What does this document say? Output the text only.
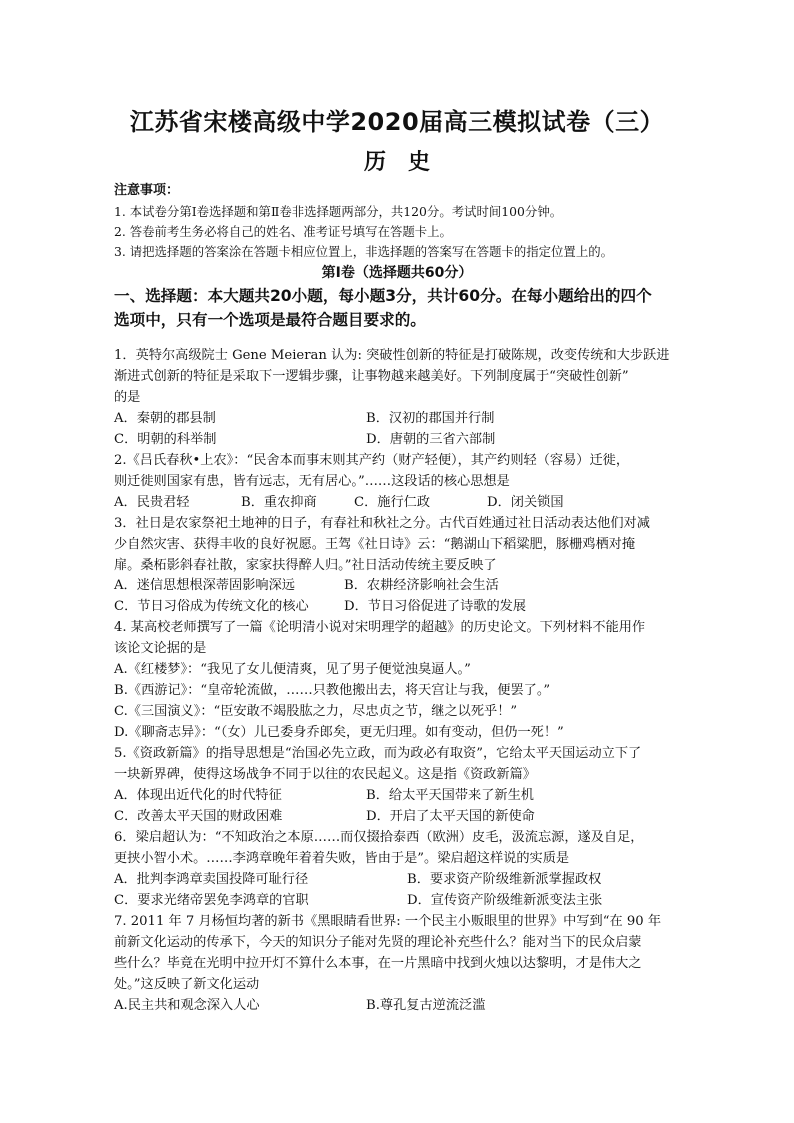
江苏省宋楼高级中学2020届高三模拟试卷（三）
历史
注意事项：
1. 本试卷分第Ⅰ卷选择题和第Ⅱ卷非选择题两部分，共120分。考试时间100分钟。
2. 答卷前考生务必将自己的姓名、准考证号填写在答题卡上。
3. 请把选择题的答案涂在答题卡相应位置上，非选择题的答案写在答题卡的指定位置上的。
第Ⅰ卷（选择题共60分）
一、选择题：本大题共20小题，每小题3分，共计60分。在每小题给出的四个
选项中，只有一个选项是最符合题目要求的。
1．英特尔高级院士 Gene Meieran 认为: 突破性创新的特征是打破陈规，改变传统和大步跃进
渐进式创新的特征是采取下一逻辑步骤，让事物越来越美好。下列制度属于“突破性创新”
的是
A．秦朝的郡县制	B．汉初的郡国并行制
C．明朝的科举制	D．唐朝的三省六部制
2.《吕氏春秋•上农》：“民舍本而事末则其产约（财产轻便），其产约则轻（容易）迁徙，
则迁徙则国家有患，皆有远志，无有居心。”……这段话的核心思想是
A．民贵君轻	B．重农抑商	C．施行仁政	D．闭关锁国
3．社日是农家祭祀土地神的日子，有春社和秋社之分。古代百姓通过社日活动表达他们对减
少自然灾害、获得丰收的良好祝愿。王驾《社日诗》云：“鹅湖山下稻粱肥，豚栅鸡栖对掩
扉。桑柘影斜春社散，家家扶得醉人归。”社日活动传统主要反映了
A．迷信思想根深蒂固影响深远	B．农耕经济影响社会生活
C．节日习俗成为传统文化的核心	D．节日习俗促进了诗歌的发展
4. 某高校老师撰写了一篇《论明清小说对宋明理学的超越》的历史论文。下列材料不能用作
该论文论据的是
A.《红楼梦》：“我见了女儿便清爽，见了男子便觉浊臭逼人。”
B.《西游记》：“皇帝轮流做，……只教他搬出去，将天宫让与我，便罢了。”
C.《三国演义》：“臣安敢不竭股肱之力，尽忠贞之节，继之以死乎！”
D.《聊斋志异》：“（女）儿已委身乔郎矣，更无归理。如有变动，但仍一死！”
5.《资政新篇》的指导思想是“治国必先立政，而为政必有取资”，它给太平天国运动立下了
一块新界碑，使得这场战争不同于以往的农民起义。这是指《资政新篇》
A．体现出近代化的时代特征	B．给太平天国带来了新生机
C．改善太平天国的财政困难	D．开启了太平天国的新使命
6．梁启超认为：“不知政治之本原……而仅掇拾泰西（欧洲）皮毛，汲流忘源，遂及自足，
更挟小智小术。……李鸿章晚年着着失败，皆由于是”。梁启超这样说的实质是
A．批判李鸿章卖国投降可耻行径	B．要求资产阶级维新派掌握政权
C．要求光绪帝罢免李鸿章的官职	D．宣传资产阶级维新派变法主张
7. 2011 年 7 月杨恒均著的新书《黑眼睛看世界: 一个民主小贩眼里的世界》中写到“在 90 年
前新文化运动的传承下，今天的知识分子能对先贤的理论补充些什么？能对当下的民众启蒙
些什么？毕竟在光明中拉开灯不算什么本事，在一片黑暗中找到火烛以达黎明，才是伟大之
处。”这反映了新文化运动
A.民主共和观念深入人心	B.尊孔复古逆流泛滥
